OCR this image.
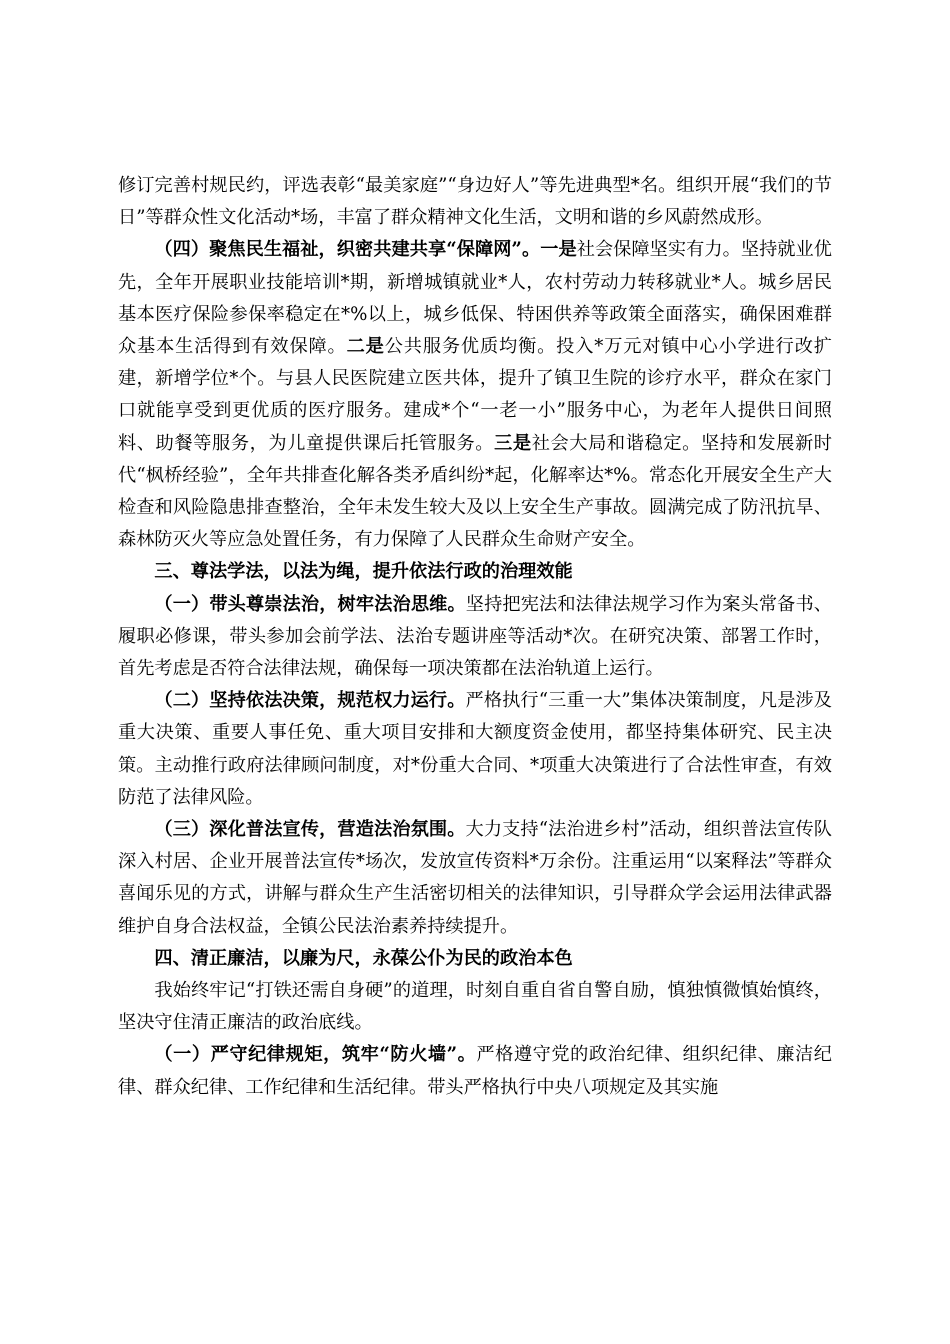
修订完善村规民约，评选表彰“最美家庭”“身边好人”等先进典型*名。组织开展“我们的节日”等群众性文化活动*场，丰富了群众精神文化生活，文明和谐的乡风蔚然成形。

（四）聚焦民生福祉，织密共建共享“保障网”。一是社会保障坚实有力。坚持就业优先，全年开展职业技能培训*期，新增城镇就业*人，农村劳动力转移就业*人。城乡居民基本医疗保险参保率稳定在*%以上，城乡低保、特困供养等政策全面落实，确保困难群众基本生活得到有效保障。二是公共服务优质均衡。投入*万元对镇中心小学进行改扩建，新增学位*个。与县人民医院建立医共体，提升了镇卫生院的诊疗水平，群众在家门口就能享受到更优质的医疗服务。建成*个“一老一小”服务中心，为老年人提供日间照料、助餐等服务，为儿童提供课后托管服务。三是社会大局和谐稳定。坚持和发展新时代“枫桥经验”，全年共排查化解各类矛盾纠纷*起，化解率达*%。常态化开展安全生产大检查和风险隐患排查整治，全年未发生较大及以上安全生产事故。圆满完成了防汛抗旱、森林防灭火等应急处置任务，有力保障了人民群众生命财产安全。

三、尊法学法，以法为绳，提升依法行政的治理效能

（一）带头尊崇法治，树牢法治思维。坚持把宪法和法律法规学习作为案头常备书、履职必修课，带头参加会前学法、法治专题讲座等活动*次。在研究决策、部署工作时，首先考虑是否符合法律法规，确保每一项决策都在法治轨道上运行。

（二）坚持依法决策，规范权力运行。严格执行“三重一大”集体决策制度，凡是涉及重大决策、重要人事任免、重大项目安排和大额度资金使用，都坚持集体研究、民主决策。主动推行政府法律顾问制度，对*份重大合同、*项重大决策进行了合法性审查，有效防范了法律风险。

（三）深化普法宣传，营造法治氛围。大力支持“法治进乡村”活动，组织普法宣传队深入村居、企业开展普法宣传*场次，发放宣传资料*万余份。注重运用“以案释法”等群众喜闻乐见的方式，讲解与群众生产生活密切相关的法律知识，引导群众学会运用法律武器维护自身合法权益，全镇公民法治素养持续提升。

四、清正廉洁，以廉为尺，永葆公仆为民的政治本色

我始终牢记“打铁还需自身硬”的道理，时刻自重自省自警自励，慎独慎微慎始慎终，坚决守住清正廉洁的政治底线。

（一）严守纪律规矩，筑牢“防火墙”。严格遵守党的政治纪律、组织纪律、廉洁纪律、群众纪律、工作纪律和生活纪律。带头严格执行中央八项规定及其实施
